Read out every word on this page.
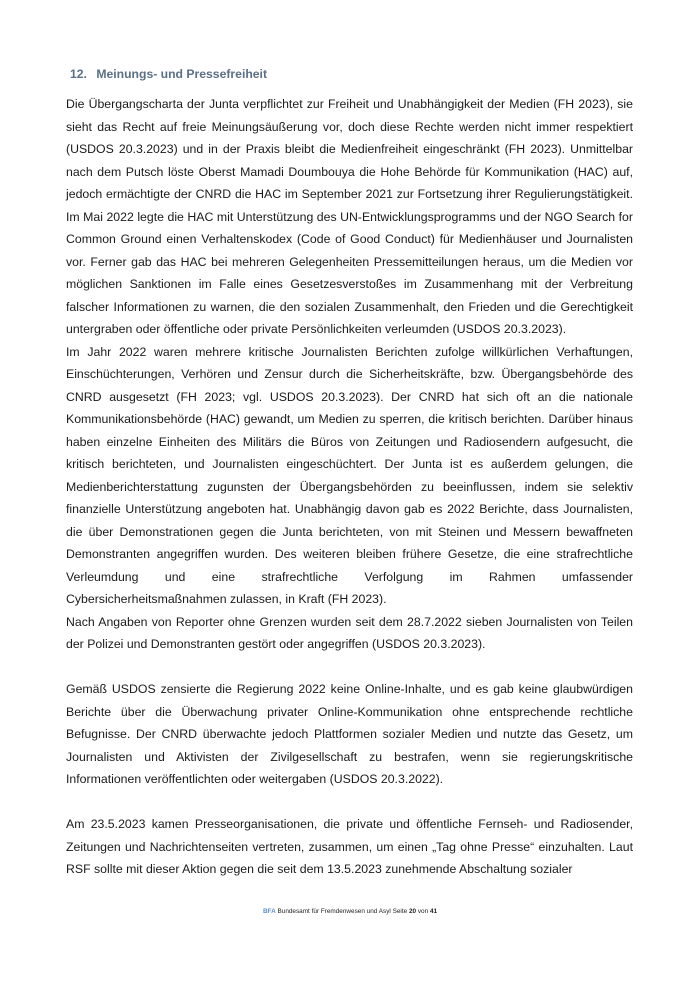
12. Meinungs- und Pressefreiheit

Die Übergangscharta der Junta verpflichtet zur Freiheit und Unabhängigkeit der Medien (FH 2023), sie sieht das Recht auf freie Meinungsäußerung vor, doch diese Rechte werden nicht immer respektiert (USDOS 20.3.2023) und in der Praxis bleibt die Medienfreiheit eingeschränkt (FH 2023). Unmittelbar nach dem Putsch löste Oberst Mamadi Doumbouya die Hohe Behörde für Kommunikation (HAC) auf, jedoch ermächtigte der CNRD die HAC im September 2021 zur Fortsetzung ihrer Regulierungstätigkeit. Im Mai 2022 legte die HAC mit Unterstützung des UN-Entwicklungsprogramms und der NGO Search for Common Ground einen Verhaltenskodex (Code of Good Conduct) für Medienhäuser und Journalisten vor. Ferner gab das HAC bei mehreren Gelegenheiten Pressemitteilungen heraus, um die Medien vor möglichen Sanktionen im Falle eines Gesetzesverstoßes im Zusammenhang mit der Verbreitung falscher Informationen zu warnen, die den sozialen Zusammenhalt, den Frieden und die Gerechtigkeit untergraben oder öffentliche oder private Persönlichkeiten verleumden (USDOS 20.3.2023).

Im Jahr 2022 waren mehrere kritische Journalisten Berichten zufolge willkürlichen Verhaftungen, Einschüchterungen, Verhören und Zensur durch die Sicherheitskräfte, bzw. Übergangsbehörde des CNRD ausgesetzt (FH 2023; vgl. USDOS 20.3.2023). Der CNRD hat sich oft an die nationale Kommunikationsbehörde (HAC) gewandt, um Medien zu sperren, die kritisch berichten. Darüber hinaus haben einzelne Einheiten des Militärs die Büros von Zeitungen und Radiosendern aufgesucht, die kritisch berichteten, und Journalisten eingeschüchtert. Der Junta ist es außerdem gelungen, die Medienberichterstattung zugunsten der Übergangsbehörden zu beeinflussen, indem sie selektiv finanzielle Unterstützung angeboten hat. Unabhängig davon gab es 2022 Berichte, dass Journalisten, die über Demonstrationen gegen die Junta berichteten, von mit Steinen und Messern bewaffneten Demonstranten angegriffen wurden. Des weiteren bleiben frühere Gesetze, die eine strafrechtliche Verleumdung und eine strafrechtliche Verfolgung im Rahmen umfassender Cybersicherheitsmaßnahmen zulassen, in Kraft (FH 2023).

Nach Angaben von Reporter ohne Grenzen wurden seit dem 28.7.2022 sieben Journalisten von Teilen der Polizei und Demonstranten gestört oder angegriffen (USDOS 20.3.2023).

Gemäß USDOS zensierte die Regierung 2022 keine Online-Inhalte, und es gab keine glaubwürdigen Berichte über die Überwachung privater Online-Kommunikation ohne entsprechende rechtliche Befugnisse. Der CNRD überwachte jedoch Plattformen sozialer Medien und nutzte das Gesetz, um Journalisten und Aktivisten der Zivilgesellschaft zu bestrafen, wenn sie regierungskritische Informationen veröffentlichten oder weitergaben (USDOS 20.3.2022).

Am 23.5.2023 kamen Presseorganisationen, die private und öffentliche Fernseh- und Radiosender, Zeitungen und Nachrichtenseiten vertreten, zusammen, um einen „Tag ohne Presse“ einzuhalten. Laut RSF sollte mit dieser Aktion gegen die seit dem 13.5.2023 zunehmende Abschaltung sozialer

BFA Bundesamt für Fremdenwesen und Asyl Seite 20 von 41
